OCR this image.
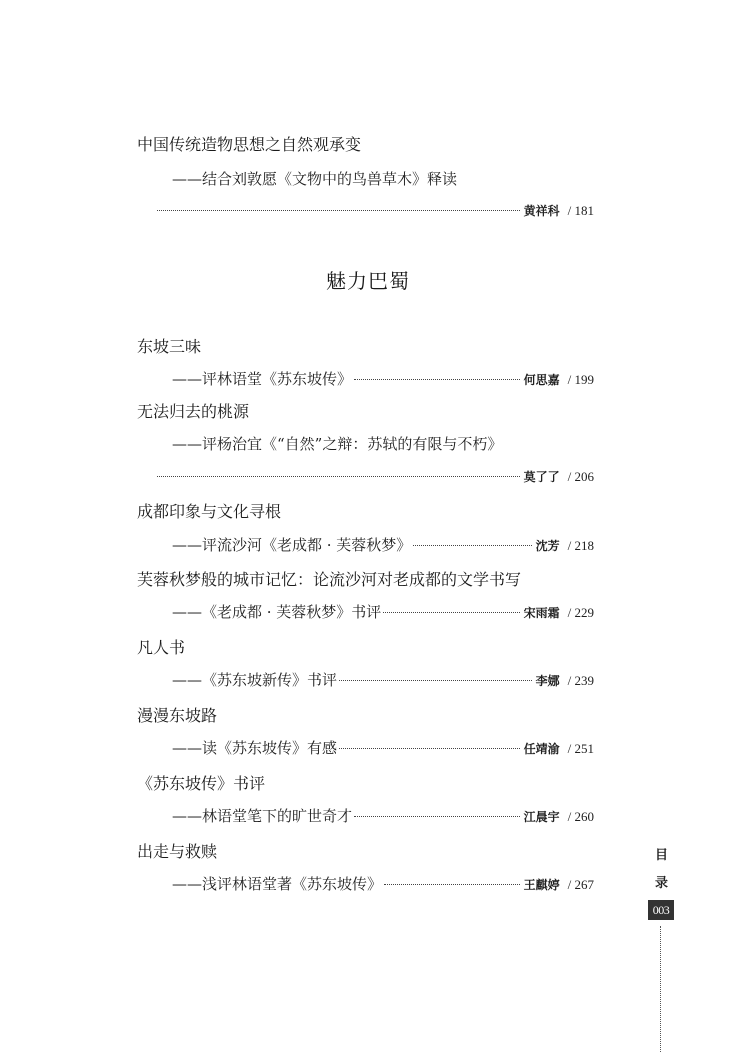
中国传统造物思想之自然观承变
——结合刘敦愿《文物中的鸟兽草木》释读
黄祥科 / 181
魅力巴蜀
东坡三味
——评林语堂《苏东坡传》	何思嘉 / 199
无法归去的桃源
——评杨治宜《“自然”之辩：苏轼的有限与不朽》
莫了了 / 206
成都印象与文化寻根
——评流沙河《老成都 · 芙蓉秋梦》	沈芳 / 218
芙蓉秋梦般的城市记忆：论流沙河对老成都的文学书写
——《老成都 · 芙蓉秋梦》书评	宋雨霜 / 229
凡人书
——《苏东坡新传》书评	李娜 / 239
漫漫东坡路
——读《苏东坡传》有感	任靖渝 / 251
《苏东坡传》书评
——林语堂笔下的旷世奇才	江晨宇 / 260
出走与救赎
——浅评林语堂著《苏东坡传》	王麒婷 / 267
目
录
003
